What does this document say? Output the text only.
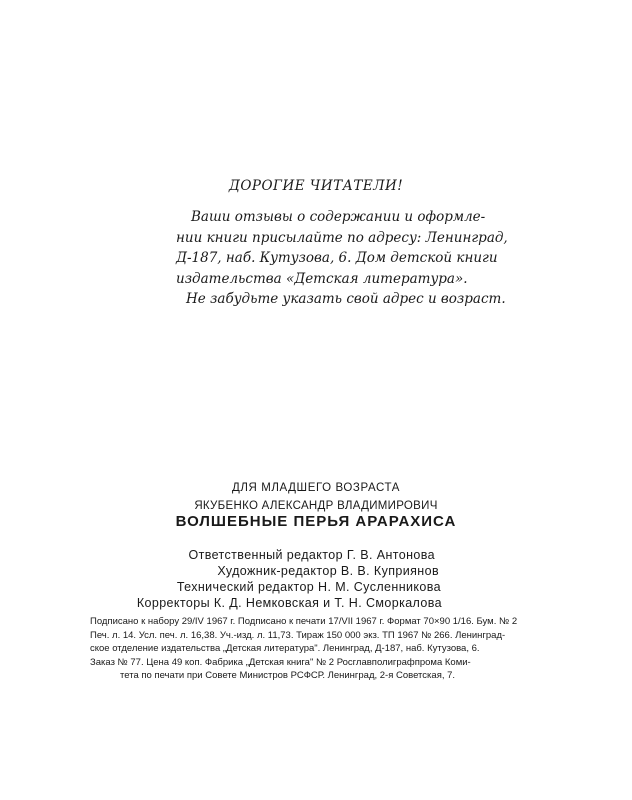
ДОРОГИЕ ЧИТАТЕЛИ!
Ваши отзывы о содержании и оформле-
нии книги присылайте по адресу: Ленинград,
Д-187, наб. Кутузова, 6. Дом детской книги
издательства «Детская литература».
Не забудьте указать свой адрес и возраст.
ДЛЯ МЛАДШЕГО ВОЗРАСТА
ЯКУБЕНКО АЛЕКСАНДР ВЛАДИМИРОВИЧ
ВОЛШЕБНЫЕ ПЕРЬЯ АРАРАХИСА
Ответственный редактор Г. В. Антонова
Художник-редактор В. В. Куприянов
Технический редактор Н. М. Сусленникова
Корректоры К. Д. Немковская и Т. Н. Сморкалова
Подписано к набору 29/IV 1967 г. Подписано к печати 17/VII 1967 г. Формат 70×90 1/16. Бум. № 2
Печ. л. 14. Усл. печ. л. 16,38. Уч.-изд. л. 11,73. Тираж 150 000 экз. ТП 1967 № 266. Ленинград-
ское отделение издательства „Детская литература". Ленинград, Д-187, наб. Кутузова, 6.
Заказ № 77. Цена 49 коп. Фабрика „Детская книга" № 2 Росглавполиграфпрома Коми-
тета по печати при Совете Министров РСФСР. Ленинград, 2-я Советская, 7.
